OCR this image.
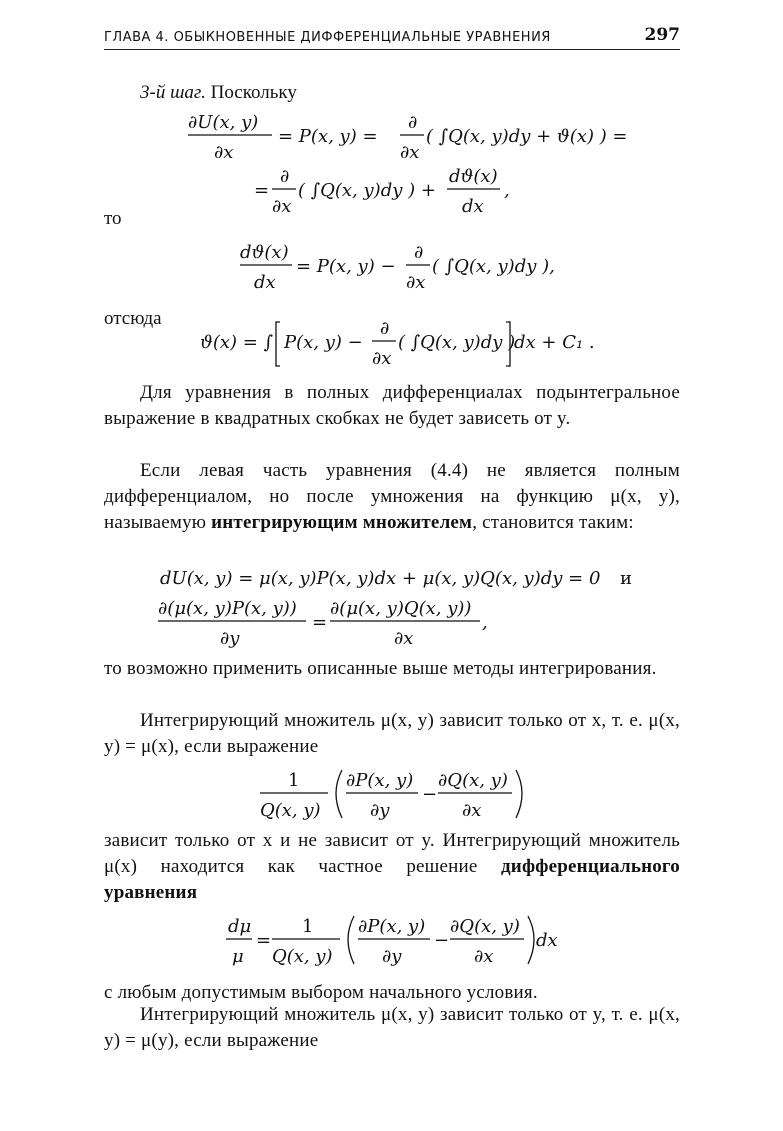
ГЛАВА 4. ОБЫКНОВЕННЫЕ ДИФФЕРЕНЦИАЛЬНЫЕ УРАВНЕНИЯ	297
3-й шаг. Поскольку
∂U(x, y)
∂x
= P(x, y) =
∂
∂x
( ∫Q(x, y)dy + ϑ(x) ) =
=
∂
∂x
( ∫Q(x, y)dy ) +
dϑ(x)
dx
,
то
dϑ(x)
dx
= P(x, y) −
∂
∂x
( ∫Q(x, y)dy ),
отсюда
ϑ(x) = ∫ P(x, y) −
∂
∂x
( ∫Q(x, y)dy )
dx + C₁ .
Для уравнения в полных дифференциалах подынтегральное выражение в квадратных скобках не будет зависеть от y.
Если левая часть уравнения (4.4) не является полным дифференциалом, но после умножения на функцию μ(x, y), называемую интегрирующим множителем, становится таким:
dU(x, y) = μ(x, y)P(x, y)dx + μ(x, y)Q(x, y)dy = 0 и
∂(μ(x, y)P(x, y))
∂y
=
∂(μ(x, y)Q(x, y))
∂x
,
то возможно применить описанные выше методы интегрирования.
Интегрирующий множитель μ(x, y) зависит только от x, т. е. μ(x, y) = μ(x), если выражение
1
Q(x, y)
∂P(x, y)
∂y
−
∂Q(x, y)
∂x
зависит только от x и не зависит от y. Интегрирующий множитель μ(x) находится как частное решение дифференциального уравнения
dμ
μ
=
1
Q(x, y)
∂P(x, y)
∂y
−
∂Q(x, y)
∂x
dx
с любым допустимым выбором начального условия.
Интегрирующий множитель μ(x, y) зависит только от y, т. е. μ(x, y) = μ(y), если выражение
